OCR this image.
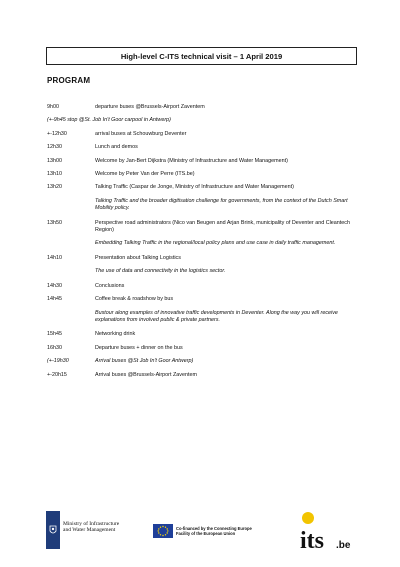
High-level C-ITS technical visit – 1 April 2019
PROGRAM
9h00	departure buses @Brussels-Airport Zaventem
(+-9h45 stop @St. Job In't Goor carpool in Antwerp)
+-12h30	arrival buses at Schouwburg Deventer
12h30	Lunch and demos
13h00	Welcome by Jan-Bert Dijkstra (Ministry of Infrastructure and Water Management)
13h10	Welcome by Peter Van der Perre (ITS.be)
13h20	Talking Traffic (Caspar de Jonge, Ministry of Infrastructure and Water Management)
Talking Traffic and the broader digitisation challenge for governments, from the context of the Dutch Smart Mobility policy.
13h50	Perspective road administrators (Nico van Beugen and Arjan Brink, municipality of Deventer and Cleantech Region)
Embedding Talking Traffic in the regional/local policy plans and use case in daily traffic management.
14h10	Presentation about Talking Logistics
The use of data and connectivity in the logistics sector.
14h30	Conclusions
14h45	Coffee break & roadshow by bus
Bustour along examples of innovative traffic developments in Deventer. Along the way you will receive explanations from involved public & private partners.
15h45	Networking drink
16h30	Departure buses + dinner on the bus
(+-19h30	Arrival buses @St Job In't Goor Antwerp)
+-20h15	Arrival buses @Brussels-Airport Zaventem
Ministry of Infrastructure
and Water Management	Co-financed by the Connecting Europe
Facility of the European Union	its .be
